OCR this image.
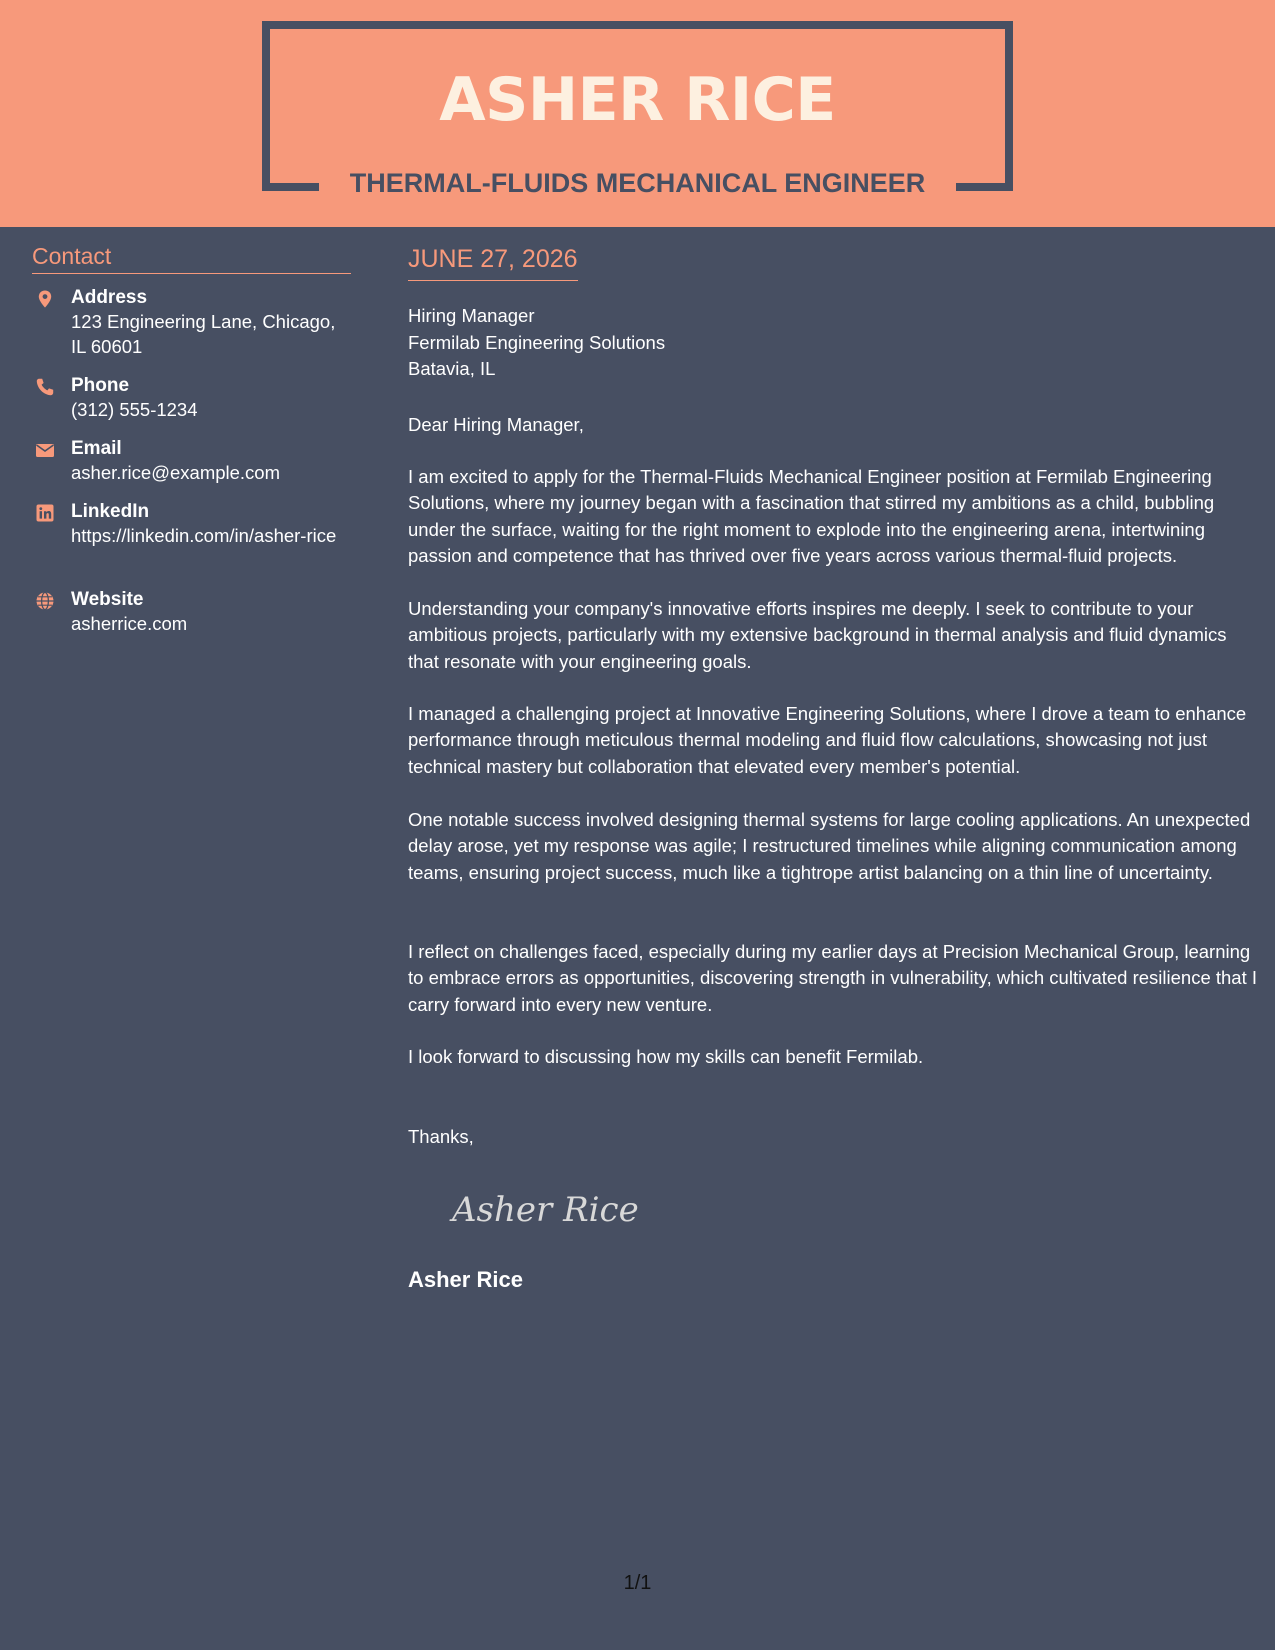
ASHER RICE
THERMAL-FLUIDS MECHANICAL ENGINEER
Contact
Address
123 Engineering Lane, Chicago, IL 60601
Phone
(312) 555-1234
Email
asher.rice@example.com
LinkedIn
https://linkedin.com/in/asher-rice
Website
asherrice.com
JUNE 27, 2026
Hiring Manager
Fermilab Engineering Solutions
Batavia, IL

Dear Hiring Manager,

I am excited to apply for the Thermal-Fluids Mechanical Engineer position at Fermilab Engineering Solutions, where my journey began with a fascination that stirred my ambitions as a child, bubbling under the surface, waiting for the right moment to explode into the engineering arena, intertwining passion and competence that has thrived over five years across various thermal-fluid projects.

Understanding your company's innovative efforts inspires me deeply. I seek to contribute to your ambitious projects, particularly with my extensive background in thermal analysis and fluid dynamics that resonate with your engineering goals.

I managed a challenging project at Innovative Engineering Solutions, where I drove a team to enhance performance through meticulous thermal modeling and fluid flow calculations, showcasing not just technical mastery but collaboration that elevated every member's potential.

One notable success involved designing thermal systems for large cooling applications. An unexpected delay arose, yet my response was agile; I restructured timelines while aligning communication among teams, ensuring project success, much like a tightrope artist balancing on a thin line of uncertainty.

I reflect on challenges faced, especially during my earlier days at Precision Mechanical Group, learning to embrace errors as opportunities, discovering strength in vulnerability, which cultivated resilience that I carry forward into every new venture.

I look forward to discussing how my skills can benefit Fermilab.

Thanks,

Asher Rice
Asher Rice
1/1
